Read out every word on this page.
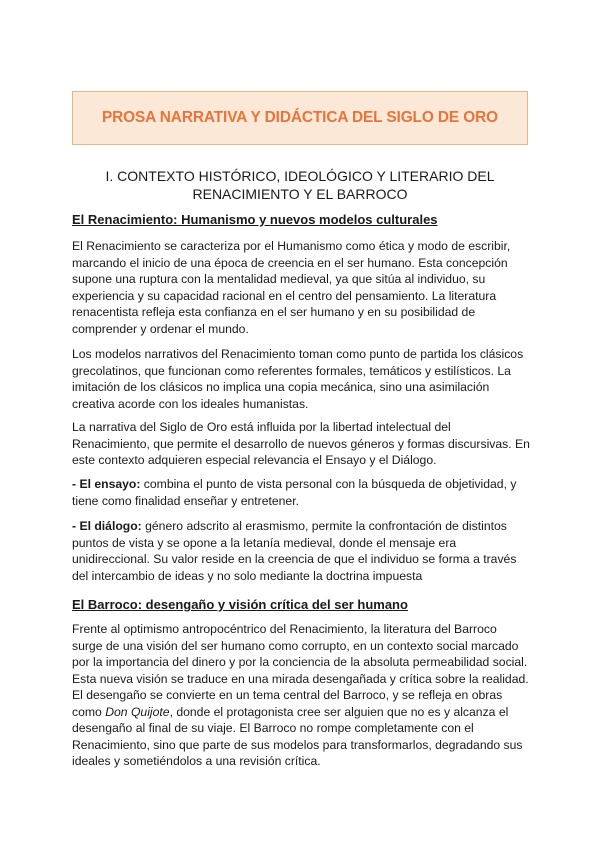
PROSA NARRATIVA Y DIDÁCTICA DEL SIGLO DE ORO
I. CONTEXTO HISTÓRICO, IDEOLÓGICO Y LITERARIO DEL
RENACIMIENTO Y EL BARROCO
El Renacimiento: Humanismo y nuevos modelos culturales
El Renacimiento se caracteriza por el Humanismo como ética y modo de escribir,
marcando el inicio de una época de creencia en el ser humano. Esta concepción
supone una ruptura con la mentalidad medieval, ya que sitúa al individuo, su
experiencia y su capacidad racional en el centro del pensamiento. La literatura
renacentista refleja esta confianza en el ser humano y en su posibilidad de
comprender y ordenar el mundo.
Los modelos narrativos del Renacimiento toman como punto de partida los clásicos
grecolatinos, que funcionan como referentes formales, temáticos y estilísticos. La
imitación de los clásicos no implica una copia mecánica, sino una asimilación
creativa acorde con los ideales humanistas.
La narrativa del Siglo de Oro está influida por la libertad intelectual del
Renacimiento, que permite el desarrollo de nuevos géneros y formas discursivas. En
este contexto adquieren especial relevancia el Ensayo y el Diálogo.
- El ensayo: combina el punto de vista personal con la búsqueda de objetividad, y
tiene como finalidad enseñar y entretener.
- El diálogo: género adscrito al erasmismo, permite la confrontación de distintos
puntos de vista y se opone a la letanía medieval, donde el mensaje era
unidireccional. Su valor reside en la creencia de que el individuo se forma a través
del intercambio de ideas y no solo mediante la doctrina impuesta
El Barroco: desengaño y visión crítica del ser humano
Frente al optimismo antropocéntrico del Renacimiento, la literatura del Barroco
surge de una visión del ser humano como corrupto, en un contexto social marcado
por la importancia del dinero y por la conciencia de la absoluta permeabilidad social.
Esta nueva visión se traduce en una mirada desengañada y crítica sobre la realidad.
El desengaño se convierte en un tema central del Barroco, y se refleja en obras
como Don Quijote, donde el protagonista cree ser alguien que no es y alcanza el
desengaño al final de su viaje. El Barroco no rompe completamente con el
Renacimiento, sino que parte de sus modelos para transformarlos, degradando sus
ideales y sometiéndolos a una revisión crítica.
